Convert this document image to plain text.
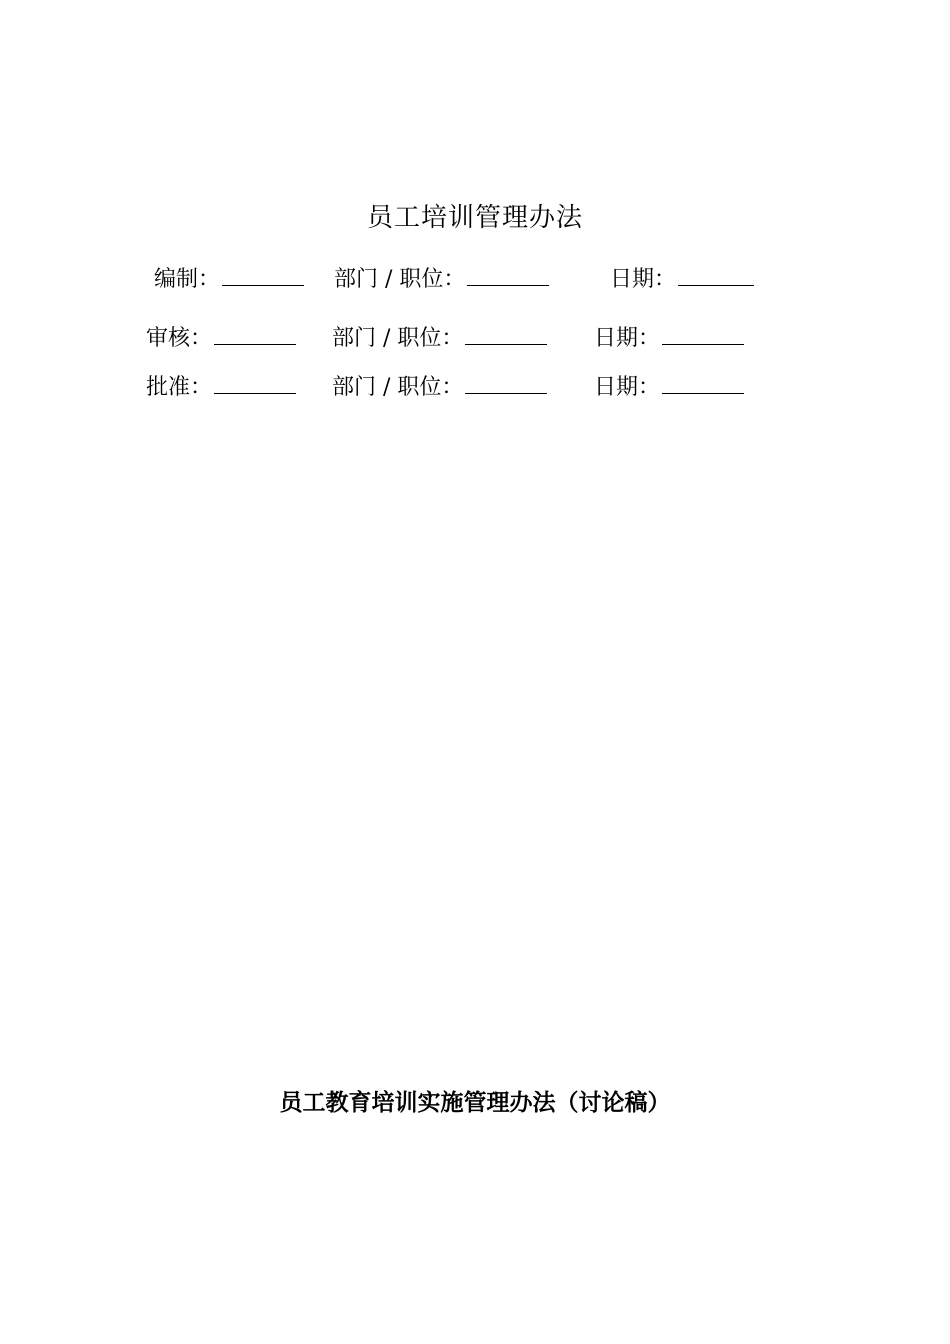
员工培训管理办法
编制：	部门 / 职位：	日期：
审核：	部门 / 职位：	日期：
批准：	部门 / 职位：	日期：
员工教育培训实施管理办法（讨论稿）
